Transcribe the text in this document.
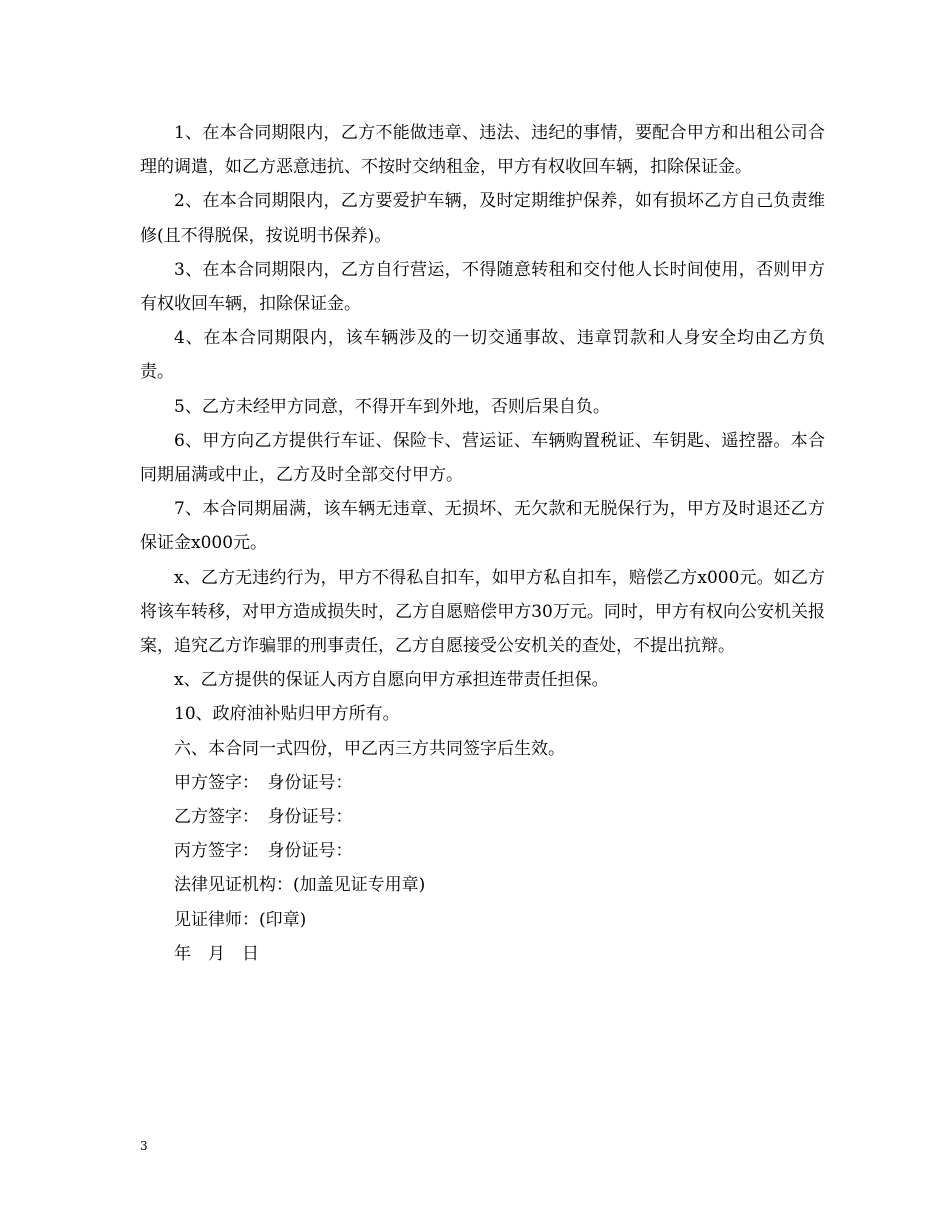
1、在本合同期限内，乙方不能做违章、违法、违纪的事情，要配合甲方和出租公司合理的调遣，如乙方恶意违抗、不按时交纳租金，甲方有权收回车辆，扣除保证金。

2、在本合同期限内，乙方要爱护车辆，及时定期维护保养，如有损坏乙方自己负责维修(且不得脱保，按说明书保养)。

3、在本合同期限内，乙方自行营运，不得随意转租和交付他人长时间使用，否则甲方有权收回车辆，扣除保证金。

4、在本合同期限内，该车辆涉及的一切交通事故、违章罚款和人身安全均由乙方负责。

5、乙方未经甲方同意，不得开车到外地，否则后果自负。

6、甲方向乙方提供行车证、保险卡、营运证、车辆购置税证、车钥匙、遥控器。本合同期届满或中止，乙方及时全部交付甲方。

7、本合同期届满，该车辆无违章、无损坏、无欠款和无脱保行为，甲方及时退还乙方保证金x000元。

x、乙方无违约行为，甲方不得私自扣车，如甲方私自扣车，赔偿乙方x000元。如乙方将该车转移，对甲方造成损失时，乙方自愿赔偿甲方30万元。同时，甲方有权向公安机关报案，追究乙方诈骗罪的刑事责任，乙方自愿接受公安机关的查处，不提出抗辩。

x、乙方提供的保证人丙方自愿向甲方承担连带责任担保。

10、政府油补贴归甲方所有。

六、本合同一式四份，甲乙丙三方共同签字后生效。

甲方签字：　身份证号：

乙方签字：　身份证号：

丙方签字：　身份证号：

法律见证机构：(加盖见证专用章)

见证律师：(印章)

年　月　日

3
